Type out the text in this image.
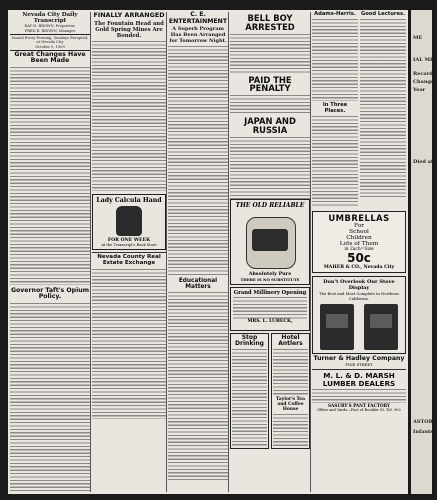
Nevada City Daily Transcript
RAY H. BROWN, Proprietor.
FRED R. BROWN, Manager
Issued Every Evening, Sundays Excepted, at Nevada City
October 5, 1909
Great Changes Have Been Made
Governor Taft's Opium Policy.
FINALLY ARRANGED
The Fountain Head and Gold Spring Mines Are Bonded.
Lady Calcula Hand
FOR ONE WEEK
At the Transcript's Book Store
Nevada County Real Estate Exchange
C. E. ENTERTAINMENT
A Superb Program Has Been Arranged for Tomorrow Night.
Educational Matters
BELL BOY ARRESTED
PAID THE PENALTY
JAPAN AND RUSSIA
THE OLD RELIABLE
Absolutely Pure
THERE IS NO SUBSTITUTE
Grand Millinery Opening
MRS. L. LUBECK,
Stop Drinking
Hotel Antlers
Taylor's Tea and Coffee House
Adams-Harris.
In Three Places.
Good Lectures.
UMBRELLAS
For
School
Children
Lots of Them
in 2ach=Size
50c
MAHER & CO., Nevada City
Don't Overlook Our Stove Display
The Best and Most Complete in Northern California.
Turner & Hadley Company
PINE STREET
M. L. & D. MARSH
LUMBER DEALERS
SASURY'S PANT FACTORY
Office and Yards—Foot of Boulder St. Tel. 902
ME
IAL ME
Record
Changes
Year
Died at
ASTORI
Infants
